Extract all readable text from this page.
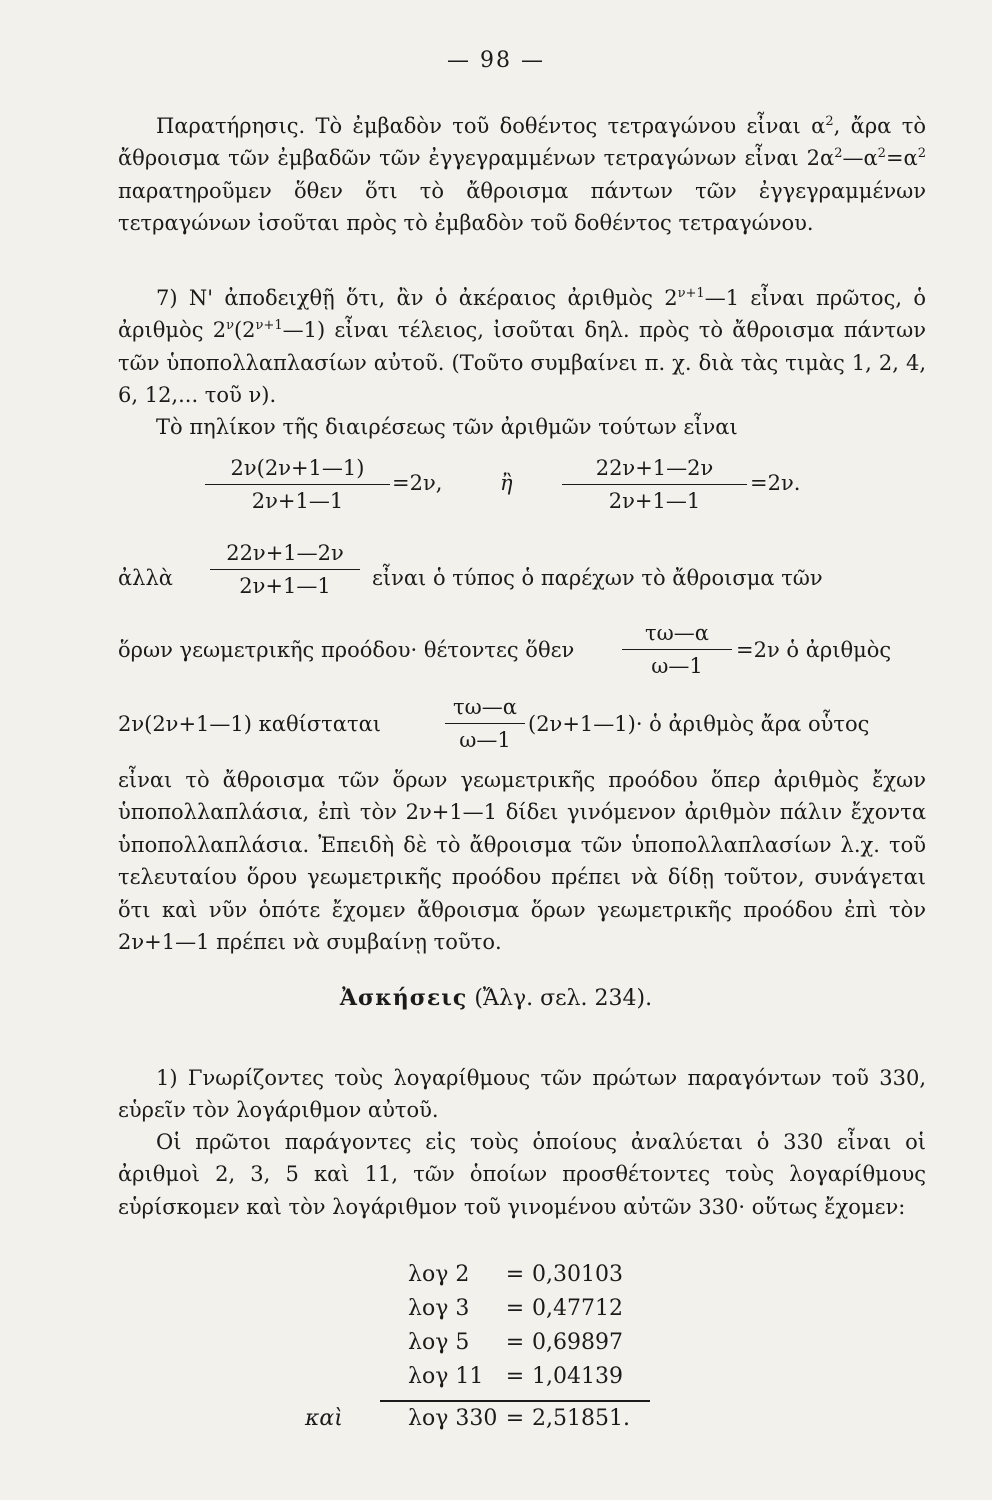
— 98 —

Παρατήρησις. Τὸ ἐμβαδὸν τοῦ δοθέντος τετραγώνου εἶναι $\alpha^2$, ἄρα τὸ ἄθροισμα τῶν ἐμβαδῶν τῶν ἐγγεγραμμένων τετραγώνων εἶναι $2\alpha^2—\alpha^2=\alpha^2$ παρατηροῦμεν ὅθεν ὅτι τὸ ἄθροισμα πάντων τῶν ἐγγεγραμμένων τετραγώνων ἰσοῦται πρὸς τὸ ἐμβαδὸν τοῦ δοθέντος τετραγώνου.

7) Ν' ἀποδειχθῇ ὅτι, ἂν ὁ ἀκέραιος ἀριθμὸς $2^{\nu+1}—1$ εἶναι πρῶτος, ὁ ἀριθμὸς $2^\nu(2^{\nu+1}—1)$ εἶναι τέλειος, ἰσοῦται δηλ. πρὸς τὸ ἄθροισμα πάντων τῶν ὑποπολλαπλασίων αὐτοῦ. (Τοῦτο συμβαίνει π. χ. διὰ τὰς τιμὰς 1, 2, 4, 6, 12,... τοῦ ν).

Τὸ πηλίκον τῆς διαιρέσεως τῶν ἀριθμῶν τούτων εἶναι

$\frac{2\nu(2\nu+1—1)}{2\nu+1—1} =2\nu$,	ἢ $\frac{22\nu+1—2\nu}{2\nu+1—1} =2\nu$.
ἀλλὰ $\frac{22\nu+1—2\nu}{2\nu+1—1}$ εἶναι ὁ τύπος ὁ παρέχων τὸ ἄθροισμα τῶν
ὅρων γεωμετρικῆς προόδου· θέτοντες ὅθεν $\frac{\tau\omega—\alpha}{\omega—1} =2\nu$ ὁ ἀριθμὸς
2ν(2ν+1—1) καθίσταται	$\frac{\tau\omega—\alpha}{\omega—1}$ (2ν+1—1)· ὁ ἀριθμὸς ἄρα οὗτος

εἶναι τὸ ἄθροισμα τῶν ὅρων γεωμετρικῆς προόδου ὅπερ ἀριθμὸς ἔχων ὑποπολλαπλάσια, ἐπὶ τὸν 2ν+1—1 δίδει γινόμενον ἀριθμὸν πάλιν ἔχοντα ὑποπολλαπλάσια. Ἐπειδὴ δὲ τὸ ἄθροισμα τῶν ὑποπολλαπλασίων λ.χ. τοῦ τελευταίου ὅρου γεωμετρικῆς προόδου πρέπει νὰ δίδῃ τοῦτον, συνάγεται ὅτι καὶ νῦν ὁπότε ἔχομεν ἄθροισμα ὅρων γεωμετρικῆς προόδου ἐπὶ τὸν 2ν+1—1 πρέπει νὰ συμβαίνῃ τοῦτο.

Ἀσκήσεις (Ἄλγ. σελ. 234).

1) Γνωρίζοντες τοὺς λογαρίθμους τῶν πρώτων παραγόντων τοῦ 330, εὑρεῖν τὸν λογάριθμον αὐτοῦ.

Οἱ πρῶτοι παράγοντες εἰς τοὺς ὁποίους ἀναλύεται ὁ 330 εἶναι οἱ ἀριθμοὶ 2, 3, 5 καὶ 11, τῶν ὁποίων προσθέτοντες τοὺς λογαρίθμους εὑρίσκομεν καὶ τὸν λογάριθμον τοῦ γινομένου αὐτῶν 330· οὕτως ἔχομεν:

λογ 2 = 0,30103
λογ 3 = 0,47712
λογ 5 = 0,69897
λογ 11 = 1,04139
καὶ	λογ 330 = 2,51851.
